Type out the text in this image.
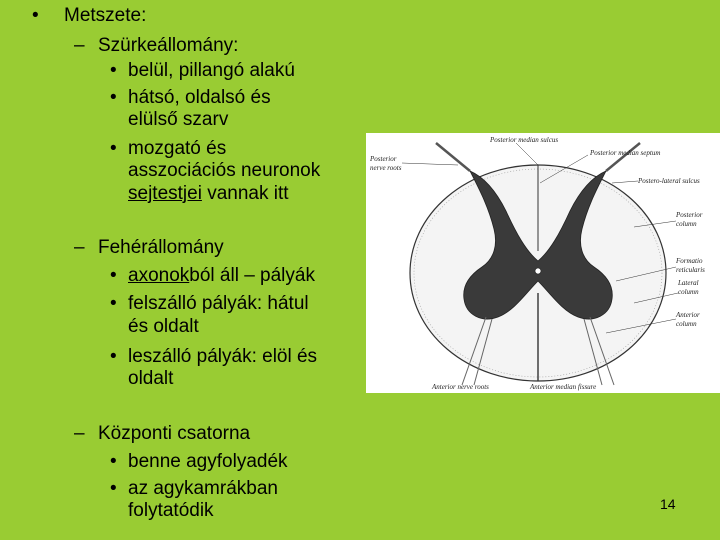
• Metszete:
– Szürkeállomány:
• belül, pillangó alakú
• hátsó, oldalsó és
elülső szarv
• mozgató és
asszociációs neuronok
sejtestjei vannak itt
– Fehérállomány
• axonokból áll – pályák
• felszálló pályák: hátul
és oldalt
• leszálló pályák: elöl és
oldalt
– Központi csatorna
• benne agyfolyadék
• az agykamrákban
folytatódik
Posterior median sulcus
Posterior median septum
Posterior
nerve roots
Postero-lateral sulcus
Posterior
column
Formatio
reticularis
Lateral
column
Anterior
column
Anterior nerve roots	Anterior median fissure
14
